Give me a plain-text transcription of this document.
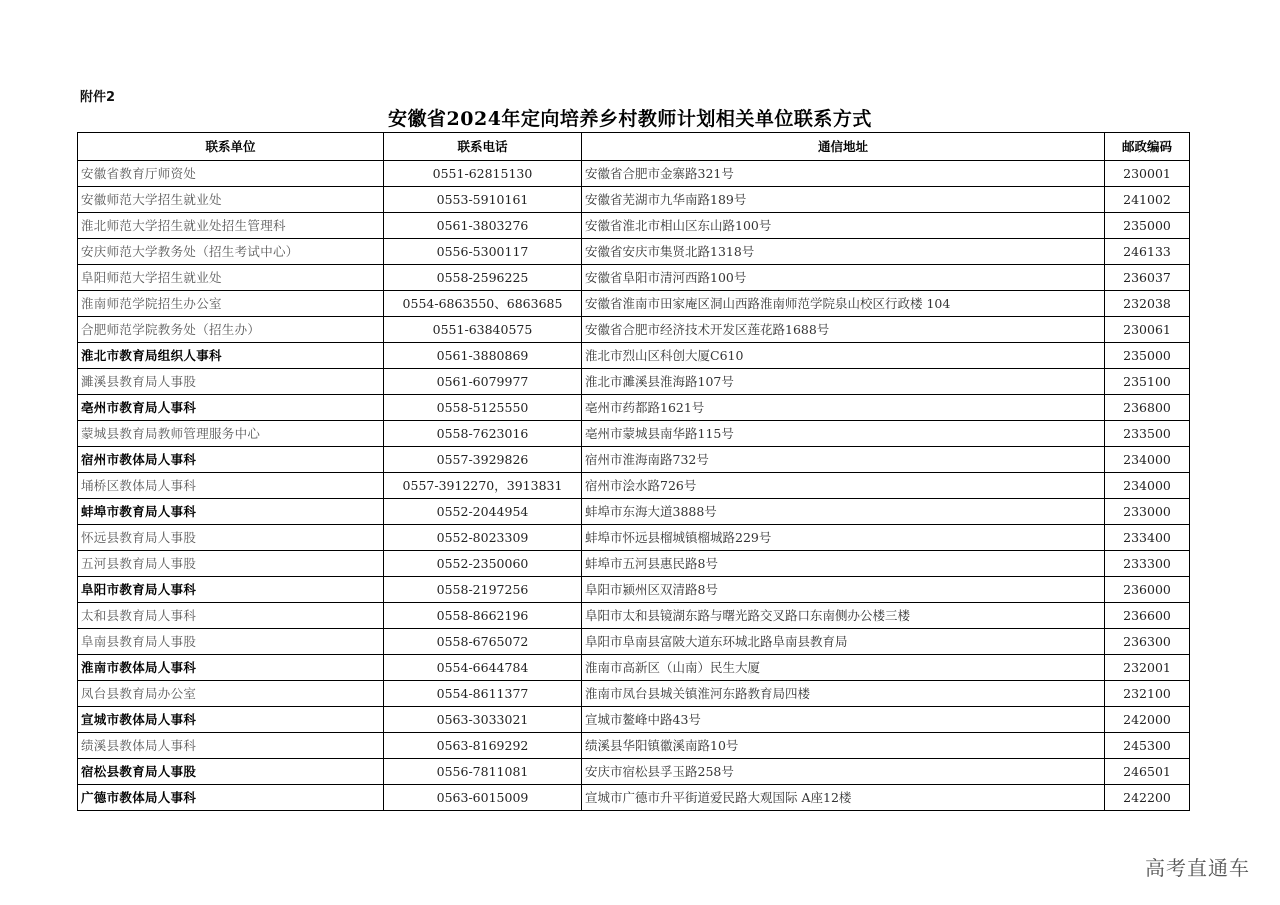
附件2
安徽省2024年定向培养乡村教师计划相关单位联系方式
联系单位	联系电话	通信地址	邮政编码
安徽省教育厅师资处	0551-62815130	安徽省合肥市金寨路321号	230001
安徽师范大学招生就业处	0553-5910161	安徽省芜湖市九华南路189号	241002
淮北师范大学招生就业处招生管理科	0561-3803276	安徽省淮北市相山区东山路100号	235000
安庆师范大学教务处（招生考试中心）	0556-5300117	安徽省安庆市集贤北路1318号	246133
阜阳师范大学招生就业处	0558-2596225	安徽省阜阳市清河西路100号	236037
淮南师范学院招生办公室	0554-6863550、6863685	安徽省淮南市田家庵区洞山西路淮南师范学院泉山校区行政楼 104	232038
合肥师范学院教务处（招生办）	0551-63840575	安徽省合肥市经济技术开发区莲花路1688号	230061
淮北市教育局组织人事科	0561-3880869	淮北市烈山区科创大厦C610	235000
濉溪县教育局人事股	0561-6079977	淮北市濉溪县淮海路107号	235100
亳州市教育局人事科	0558-5125550	亳州市药都路1621号	236800
蒙城县教育局教师管理服务中心	0558-7623016	亳州市蒙城县南华路115号	233500
宿州市教体局人事科	0557-3929826	宿州市淮海南路732号	234000
埇桥区教体局人事科	0557-3912270，3913831	宿州市浍水路726号	234000
蚌埠市教育局人事科	0552-2044954	蚌埠市东海大道3888号	233000
怀远县教育局人事股	0552-8023309	蚌埠市怀远县榴城镇榴城路229号	233400
五河县教育局人事股	0552-2350060	蚌埠市五河县惠民路8号	233300
阜阳市教育局人事科	0558-2197256	阜阳市颍州区双清路8号	236000
太和县教育局人事科	0558-8662196	阜阳市太和县镜湖东路与曙光路交叉路口东南侧办公楼三楼	236600
阜南县教育局人事股	0558-6765072	阜阳市阜南县富陂大道东环城北路阜南县教育局	236300
淮南市教体局人事科	0554-6644784	淮南市高新区（山南）民生大厦	232001
凤台县教育局办公室	0554-8611377	淮南市凤台县城关镇淮河东路教育局四楼	232100
宣城市教体局人事科	0563-3033021	宣城市鳌峰中路43号	242000
绩溪县教体局人事科	0563-8169292	绩溪县华阳镇徽溪南路10号	245300
宿松县教育局人事股	0556-7811081	安庆市宿松县孚玉路258号	246501
广德市教体局人事科	0563-6015009	宣城市广德市升平街道爱民路大观国际 A座12楼	242200
高考直通车
